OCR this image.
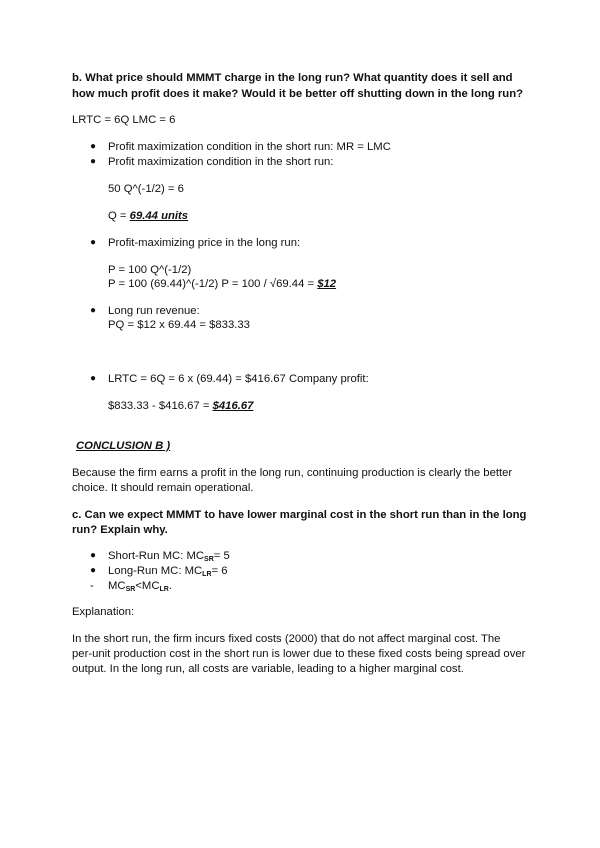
b. What price should MMMT charge in the long run? What quantity does it sell and
how much profit does it make? Would it be better off shutting down in the long run?
LRTC = 6Q LMC = 6
● Profit maximization condition in the short run: MR = LMC
● Profit maximization condition in the short run:
50 Q^(-1/2) = 6
Q = 69.44 units
● Profit-maximizing price in the long run:
P = 100 Q^(-1/2)
P = 100 (69.44)^(-1/2) P = 100 / √69.44 = $12
● Long run revenue:
PQ = $12 x 69.44 = $833.33
● LRTC = 6Q = 6 x (69.44) = $416.67 Company profit:
$833.33 - $416.67 = $416.67
CONCLUSION B )
Because the firm earns a profit in the long run, continuing production is clearly the better
choice. It should remain operational.
c. Can we expect MMMT to have lower marginal cost in the short run than in the long
run? Explain why.
● Short-Run MC: $MC_{SR}= 5$
● Long-Run MC: $MC_{LR}= 6$
- $MC_{SR}<MC_{LR}$.
Explanation:
In the short run, the firm incurs fixed costs (2000) that do not affect marginal cost. The
per-unit production cost in the short run is lower due to these fixed costs being spread over
output. In the long run, all costs are variable, leading to a higher marginal cost.
